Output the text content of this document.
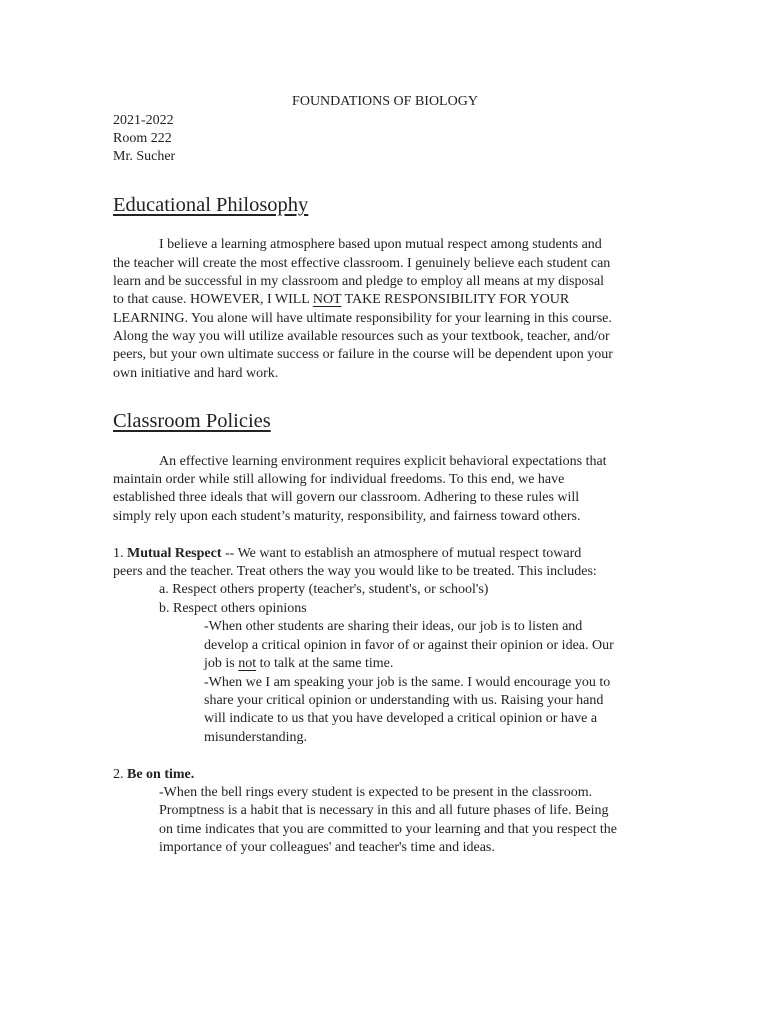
FOUNDATIONS OF BIOLOGY
2021-2022
Room 222
Mr. Sucher
Educational Philosophy
I believe a learning atmosphere based upon mutual respect among students and
the teacher will create the most effective classroom. I genuinely believe each student can
learn and be successful in my classroom and pledge to employ all means at my disposal
to that cause. HOWEVER, I WILL NOT TAKE RESPONSIBILITY FOR YOUR
LEARNING. You alone will have ultimate responsibility for your learning in this course.
Along the way you will utilize available resources such as your textbook, teacher, and/or
peers, but your own ultimate success or failure in the course will be dependent upon your
own initiative and hard work.
Classroom Policies
An effective learning environment requires explicit behavioral expectations that
maintain order while still allowing for individual freedoms. To this end, we have
established three ideals that will govern our classroom. Adhering to these rules will
simply rely upon each student’s maturity, responsibility, and fairness toward others.
1. Mutual Respect -- We want to establish an atmosphere of mutual respect toward
peers and the teacher. Treat others the way you would like to be treated. This includes:
a. Respect others property (teacher's, student's, or school's)
b. Respect others opinions
-When other students are sharing their ideas, our job is to listen and
develop a critical opinion in favor of or against their opinion or idea. Our
job is not to talk at the same time.
-When we I am speaking your job is the same. I would encourage you to
share your critical opinion or understanding with us. Raising your hand
will indicate to us that you have developed a critical opinion or have a
misunderstanding.
2. Be on time.
-When the bell rings every student is expected to be present in the classroom.
Promptness is a habit that is necessary in this and all future phases of life. Being
on time indicates that you are committed to your learning and that you respect the
importance of your colleagues' and teacher's time and ideas.
